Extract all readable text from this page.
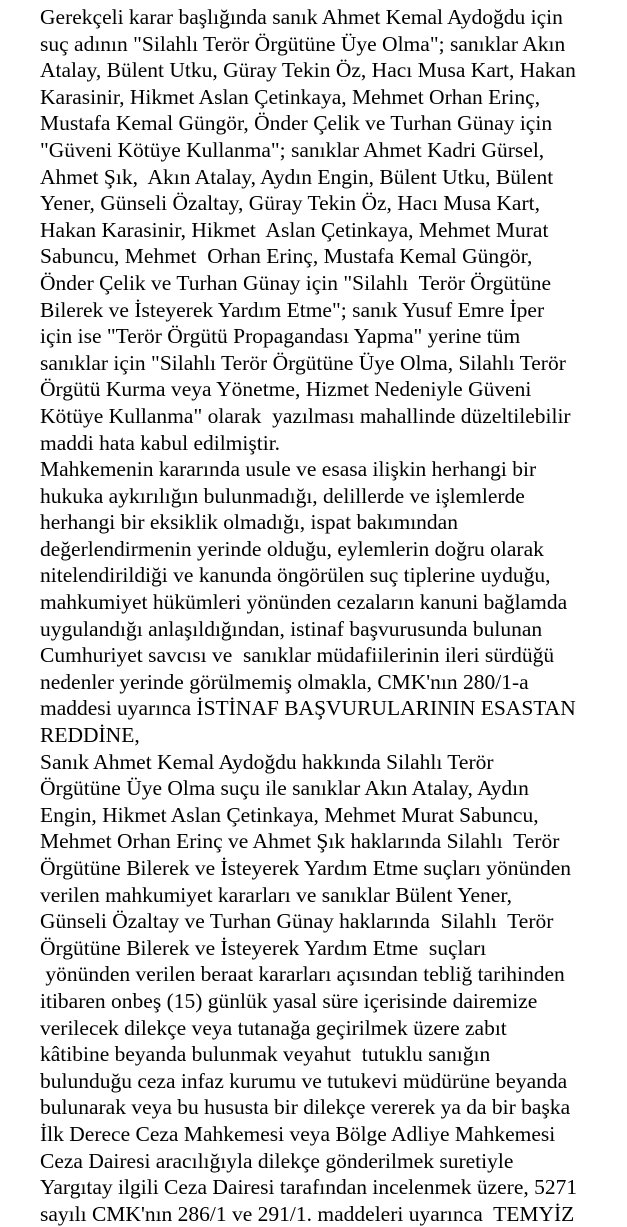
Gerekçeli karar başlığında sanık Ahmet Kemal Aydoğdu için
suç adının "Silahlı Terör Örgütüne Üye Olma"; sanıklar Akın
Atalay, Bülent Utku, Güray Tekin Öz, Hacı Musa Kart, Hakan
Karasinir, Hikmet Aslan Çetinkaya, Mehmet Orhan Erinç,
Mustafa Kemal Güngör, Önder Çelik ve Turhan Günay için
"Güveni Kötüye Kullanma"; sanıklar Ahmet Kadri Gürsel,
Ahmet Şık,  Akın Atalay, Aydın Engin, Bülent Utku, Bülent
Yener, Günseli Özaltay, Güray Tekin Öz, Hacı Musa Kart,
Hakan Karasinir, Hikmet  Aslan Çetinkaya, Mehmet Murat
Sabuncu, Mehmet  Orhan Erinç, Mustafa Kemal Güngör,
Önder Çelik ve Turhan Günay için "Silahlı  Terör Örgütüne
Bilerek ve İsteyerek Yardım Etme"; sanık Yusuf Emre İper
için ise "Terör Örgütü Propagandası Yapma" yerine tüm
sanıklar için "Silahlı Terör Örgütüne Üye Olma, Silahlı Terör
Örgütü Kurma veya Yönetme, Hizmet Nedeniyle Güveni
Kötüye Kullanma" olarak  yazılması mahallinde düzeltilebilir
maddi hata kabul edilmiştir.
Mahkemenin kararında usule ve esasa ilişkin herhangi bir
hukuka aykırılığın bulunmadığı, delillerde ve işlemlerde
herhangi bir eksiklik olmadığı, ispat bakımından
değerlendirmenin yerinde olduğu, eylemlerin doğru olarak
nitelendirildiği ve kanunda öngörülen suç tiplerine uyduğu,
mahkumiyet hükümleri yönünden cezaların kanuni bağlamda
uygulandığı anlaşıldığından, istinaf başvurusunda bulunan
Cumhuriyet savcısı ve  sanıklar müdafiilerinin ileri sürdüğü
nedenler yerinde görülmemiş olmakla, CMK'nın 280/1-a
maddesi uyarınca İSTİNAF BAŞVURULARININ ESASTAN
REDDİNE,
Sanık Ahmet Kemal Aydoğdu hakkında Silahlı Terör
Örgütüne Üye Olma suçu ile sanıklar Akın Atalay, Aydın
Engin, Hikmet Aslan Çetinkaya, Mehmet Murat Sabuncu,
Mehmet Orhan Erinç ve Ahmet Şık haklarında Silahlı  Terör
Örgütüne Bilerek ve İsteyerek Yardım Etme suçları yönünden
verilen mahkumiyet kararları ve sanıklar Bülent Yener,
Günseli Özaltay ve Turhan Günay haklarında  Silahlı  Terör
Örgütüne Bilerek ve İsteyerek Yardım Etme  suçları
yönünden verilen beraat kararları açısından tebliğ tarihinden
itibaren onbeş (15) günlük yasal süre içerisinde dairemize
verilecek dilekçe veya tutanağa geçirilmek üzere zabıt
kâtibine beyanda bulunmak veyahut  tutuklu sanığın
bulunduğu ceza infaz kurumu ve tutukevi müdürüne beyanda
bulunarak veya bu hususta bir dilekçe vererek ya da bir başka
İlk Derece Ceza Mahkemesi veya Bölge Adliye Mahkemesi
Ceza Dairesi aracılığıyla dilekçe gönderilmek suretiyle
Yargıtay ilgili Ceza Dairesi tarafından incelenmek üzere, 5271
sayılı CMK'nın 286/1 ve 291/1. maddeleri uyarınca  TEMYİZ
